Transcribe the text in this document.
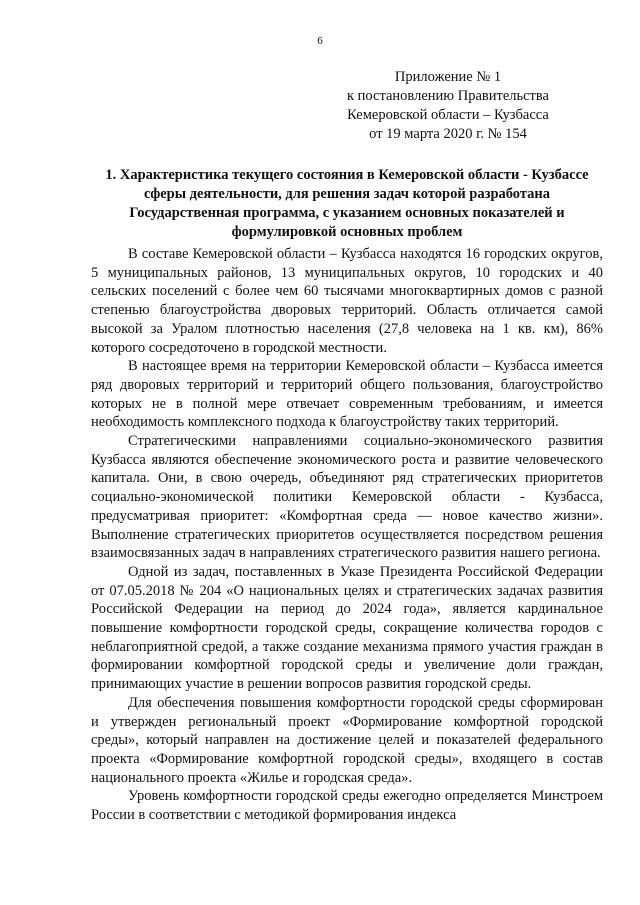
6
Приложение № 1
к постановлению Правительства
Кемеровской области – Кузбасса
от 19 марта 2020 г. № 154
1. Характеристика текущего состояния в Кемеровской области - Кузбассе сферы деятельности, для решения задач которой разработана Государственная программа, с указанием основных показателей и формулировкой основных проблем

В составе Кемеровской области – Кузбасса находятся 16 городских округов, 5 муниципальных районов, 13 муниципальных округов, 10 городских и 40 сельских поселений с более чем 60 тысячами многоквартирных домов с разной степенью благоустройства дворовых территорий. Область отличается самой высокой за Уралом плотностью населения (27,8 человека на 1 кв. км), 86% которого сосредоточено в городской местности.

В настоящее время на территории Кемеровской области – Кузбасса имеется ряд дворовых территорий и территорий общего пользования, благоустройство которых не в полной мере отвечает современным требованиям, и имеется необходимость комплексного подхода к благоустройству таких территорий.

Стратегическими направлениями социально-экономического развития Кузбасса являются обеспечение экономического роста и развитие человеческого капитала. Они, в свою очередь, объединяют ряд стратегических приоритетов социально-экономической политики Кемеровской области - Кузбасса, предусматривая приоритет: «Комфортная среда — новое качество жизни». Выполнение стратегических приоритетов осуществляется посредством решения взаимосвязанных задач в направлениях стратегического развития нашего региона.

Одной из задач, поставленных в Указе Президента Российской Федерации от 07.05.2018 № 204 «О национальных целях и стратегических задачах развития Российской Федерации на период до 2024 года», является кардинальное повышение комфортности городской среды, сокращение количества городов с неблагоприятной средой, а также создание механизма прямого участия граждан в формировании комфортной городской среды и увеличение доли граждан, принимающих участие в решении вопросов развития городской среды.

Для обеспечения повышения комфортности городской среды сформирован и утвержден региональный проект «Формирование комфортной городской среды», который направлен на достижение целей и показателей федерального проекта «Формирование комфортной городской среды», входящего в состав национального проекта «Жилье и городская среда».

Уровень комфортности городской среды ежегодно определяется Минстроем России в соответствии с методикой формирования индекса
